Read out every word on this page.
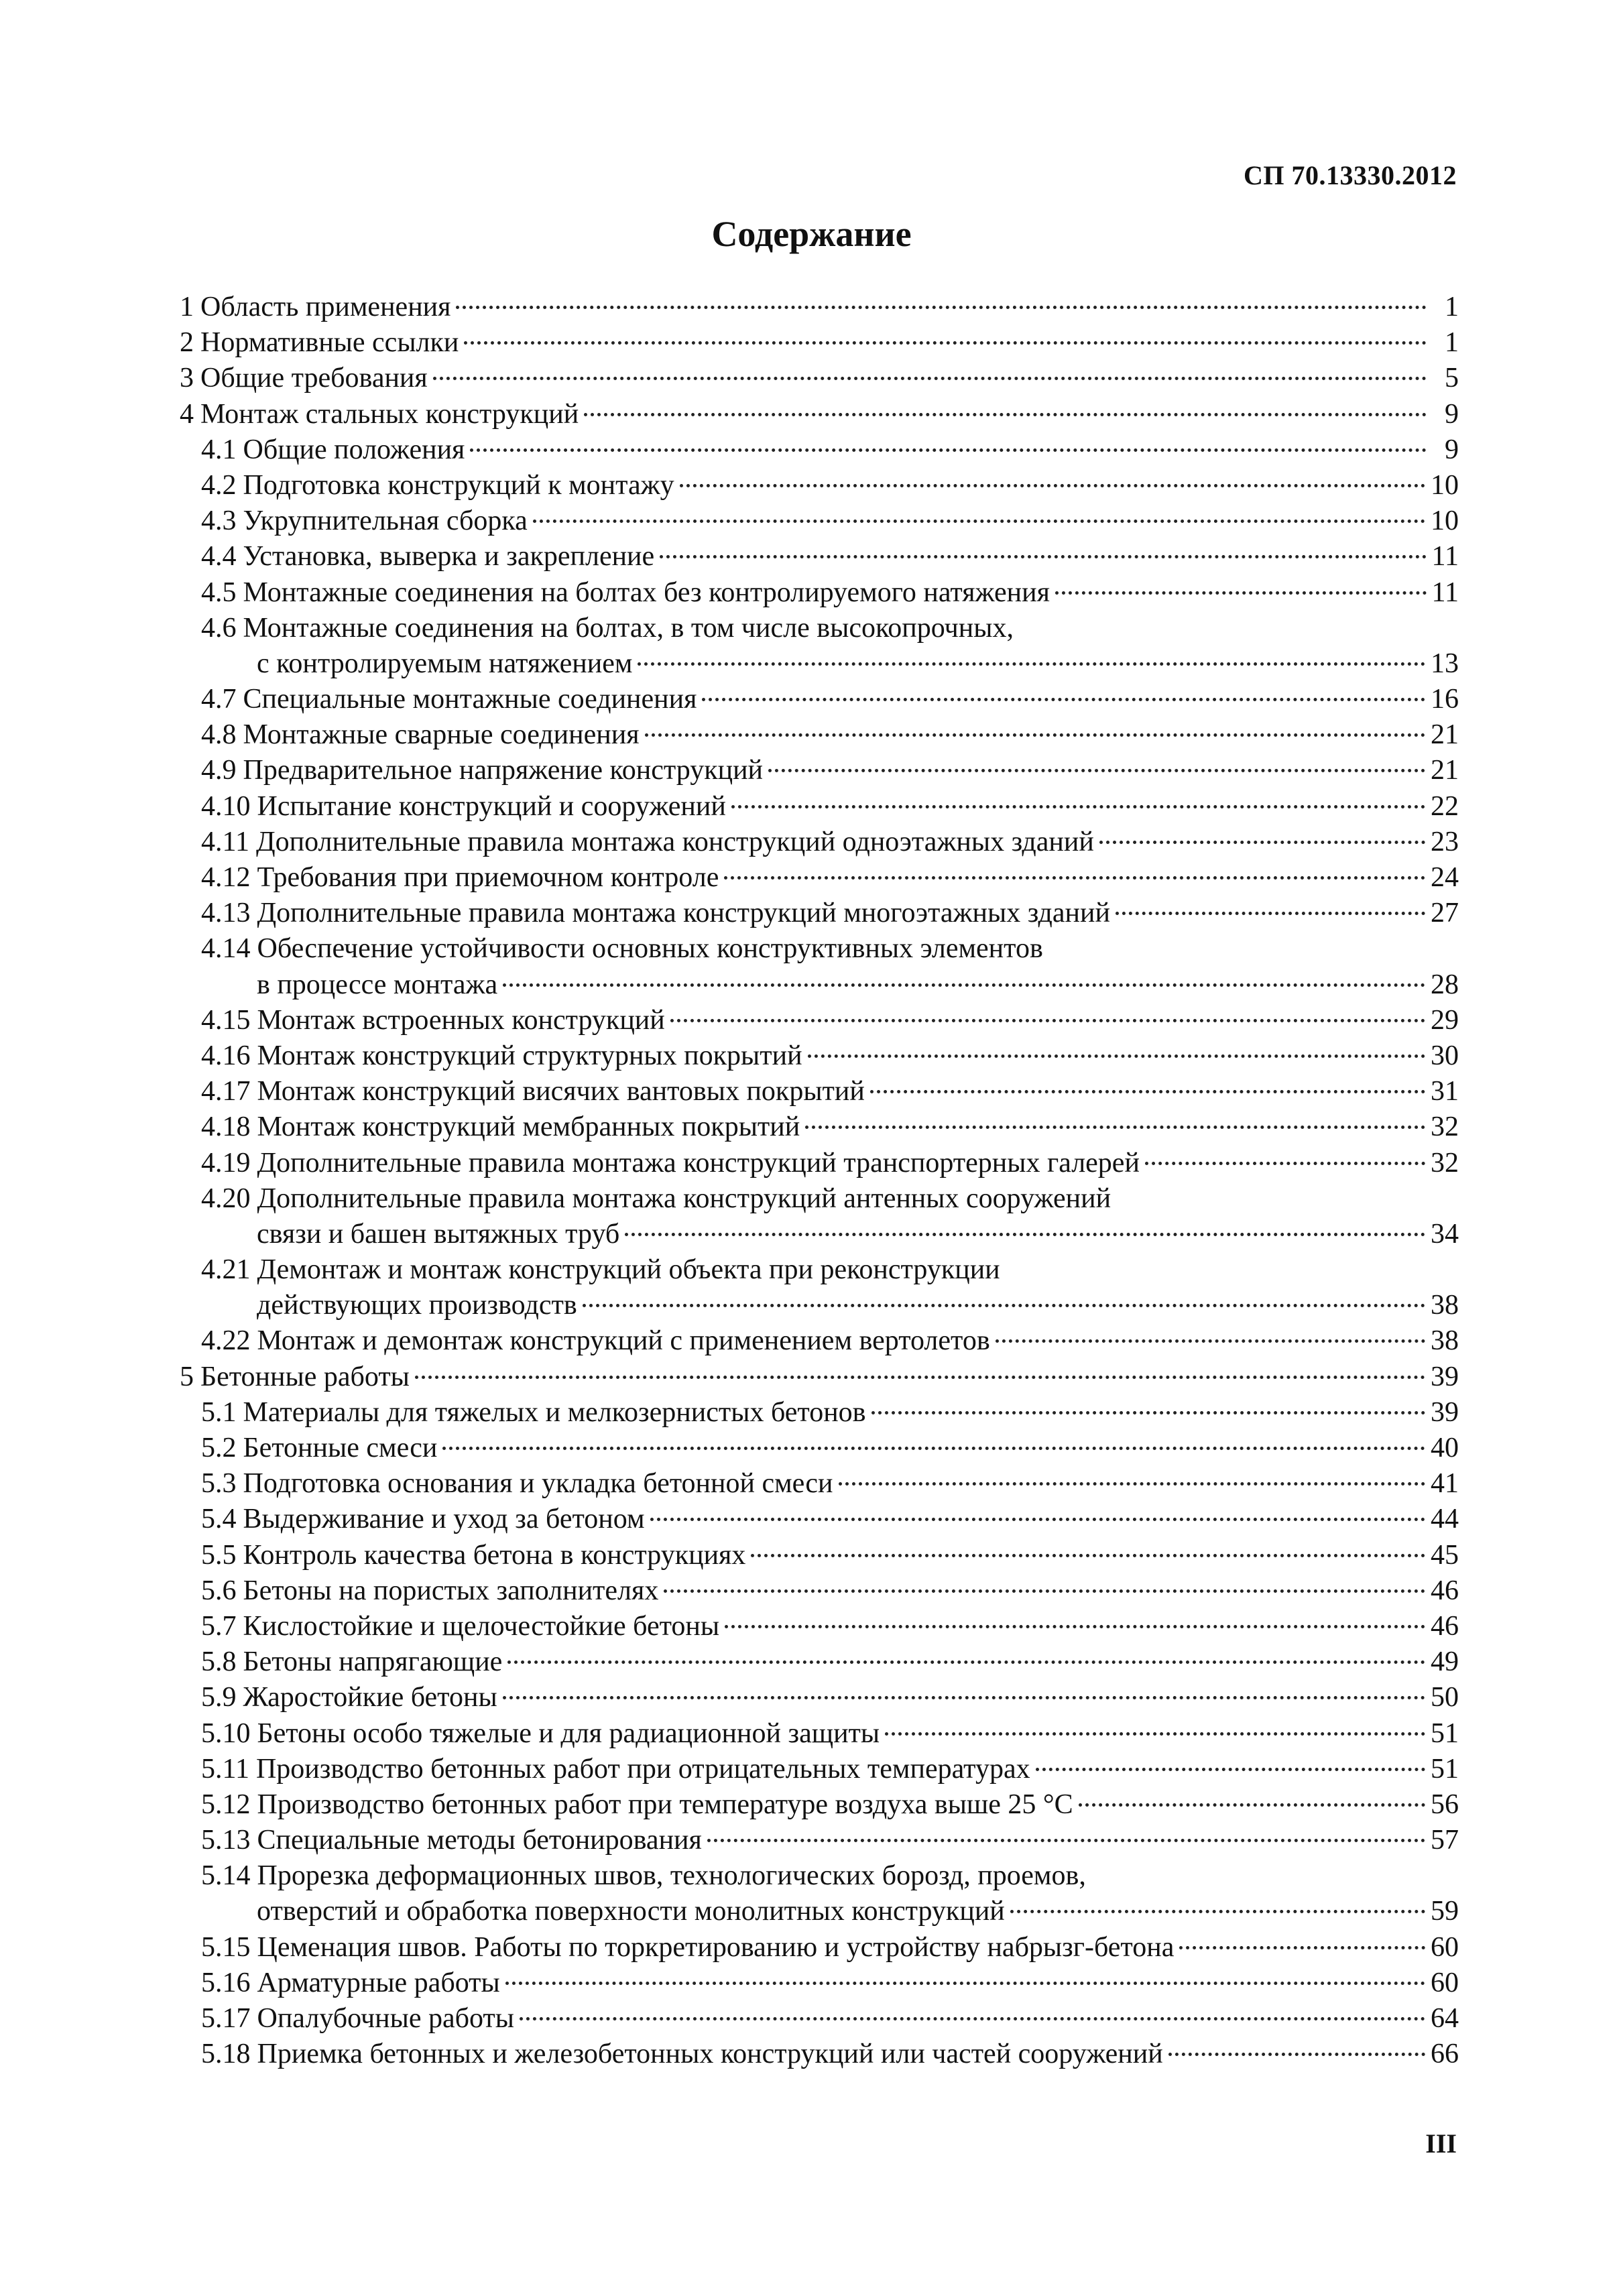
СП 70.13330.2012
Содержание
1 Область применения	1
2 Нормативные ссылки	1
3 Общие требования	5
4 Монтаж стальных конструкций	9
4.1 Общие положения	9
4.2 Подготовка конструкций к монтажу	10
4.3 Укрупнительная сборка	10
4.4 Установка, выверка и закрепление	11
4.5 Монтажные соединения на болтах без контролируемого натяжения	11
4.6 Монтажные соединения на болтах, в том числе высокопрочных,
с контролируемым натяжением	13
4.7 Специальные монтажные соединения	16
4.8 Монтажные сварные соединения	21
4.9 Предварительное напряжение конструкций	21
4.10 Испытание конструкций и сооружений	22
4.11 Дополнительные правила монтажа конструкций одноэтажных зданий	23
4.12 Требования при приемочном контроле	24
4.13 Дополнительные правила монтажа конструкций многоэтажных зданий	27
4.14 Обеспечение устойчивости основных конструктивных элементов
в процессе монтажа	28
4.15 Монтаж встроенных конструкций	29
4.16 Монтаж конструкций структурных покрытий	30
4.17 Монтаж конструкций висячих вантовых покрытий	31
4.18 Монтаж конструкций мембранных покрытий	32
4.19 Дополнительные правила монтажа конструкций транспортерных галерей	32
4.20 Дополнительные правила монтажа конструкций антенных сооружений
связи и башен вытяжных труб	34
4.21 Демонтаж и монтаж конструкций объекта при реконструкции
действующих производств	38
4.22 Монтаж и демонтаж конструкций с применением вертолетов	38
5 Бетонные работы	39
5.1 Материалы для тяжелых и мелкозернистых бетонов	39
5.2 Бетонные смеси	40
5.3 Подготовка основания и укладка бетонной смеси	41
5.4 Выдерживание и уход за бетоном	44
5.5 Контроль качества бетона в конструкциях	45
5.6 Бетоны на пористых заполнителях	46
5.7 Кислостойкие и щелочестойкие бетоны	46
5.8 Бетоны напрягающие	49
5.9 Жаростойкие бетоны	50
5.10 Бетоны особо тяжелые и для радиационной защиты	51
5.11 Производство бетонных работ при отрицательных температурах	51
5.12 Производство бетонных работ при температуре воздуха выше 25 °С	56
5.13 Специальные методы бетонирования	57
5.14 Прорезка деформационных швов, технологических борозд, проемов,
отверстий и обработка поверхности монолитных конструкций	59
5.15 Цеменация швов. Работы по торкретированию и устройству набрызг-бетона	60
5.16 Арматурные работы	60
5.17 Опалубочные работы	64
5.18 Приемка бетонных и железобетонных конструкций или частей сооружений	66
III
